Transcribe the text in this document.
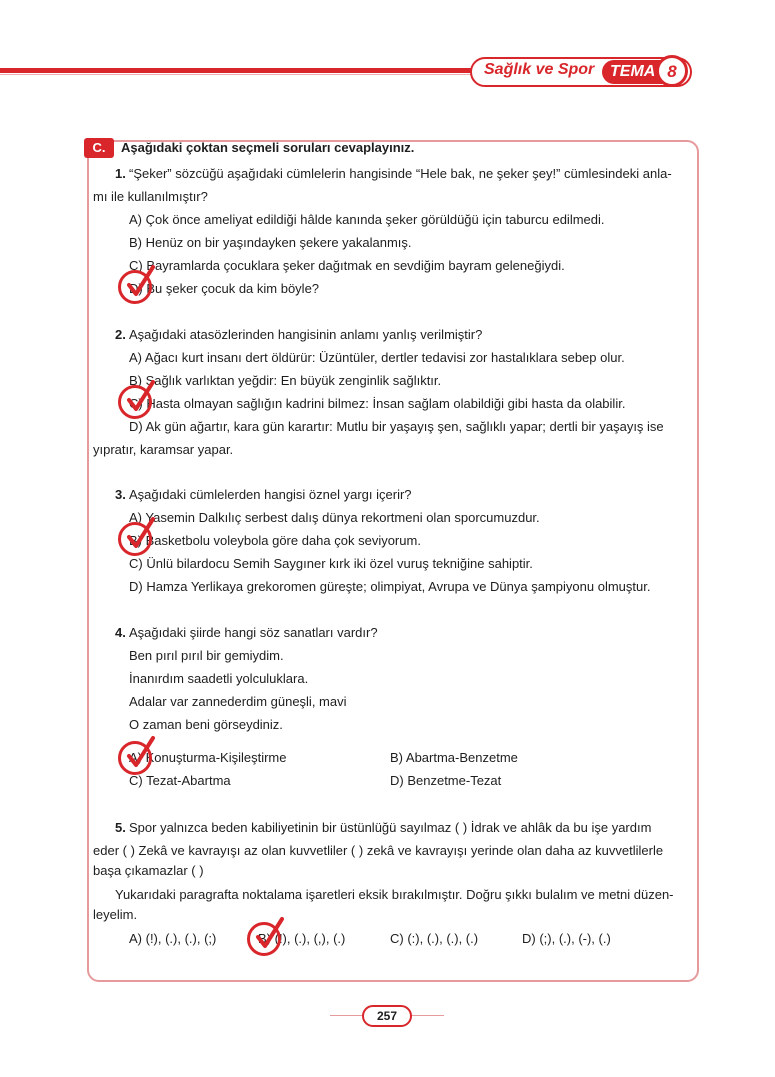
Sağlık ve Spor TEMA 8
C.	Aşağıdaki çoktan seçmeli soruları cevaplayınız.
1. “Şeker” sözcüğü aşağıdaki cümlelerin hangisinde “Hele bak, ne şeker şey!” cümlesindeki anla-
mı ile kullanılmıştır?
A) Çok önce ameliyat edildiği hâlde kanında şeker görüldüğü için taburcu edilmedi.
B) Henüz on bir yaşındayken şekere yakalanmış.
C) Bayramlarda çocuklara şeker dağıtmak en sevdiğim bayram geleneğiydi.
D) Bu şeker çocuk da kim böyle?
2. Aşağıdaki atasözlerinden hangisinin anlamı yanlış verilmiştir?
A) Ağacı kurt insanı dert öldürür: Üzüntüler, dertler tedavisi zor hastalıklara sebep olur.
B) Sağlık varlıktan yeğdir: En büyük zenginlik sağlıktır.
C) Hasta olmayan sağlığın kadrini bilmez: İnsan sağlam olabildiği gibi hasta da olabilir.
D) Ak gün ağartır, kara gün karartır: Mutlu bir yaşayış şen, sağlıklı yapar; dertli bir yaşayış ise
yıpratır, karamsar yapar.
3. Aşağıdaki cümlelerden hangisi öznel yargı içerir?
A) Yasemin Dalkılıç serbest dalış dünya rekortmeni olan sporcumuzdur.
B) Basketbolu voleybola göre daha çok seviyorum.
C) Ünlü bilardocu Semih Saygıner kırk iki özel vuruş tekniğine sahiptir.
D) Hamza Yerlikaya grekoromen güreşte; olimpiyat, Avrupa ve Dünya şampiyonu olmuştur.
4. Aşağıdaki şiirde hangi söz sanatları vardır?
Ben pırıl pırıl bir gemiydim.
İnanırdım saadetli yolculuklara.
Adalar var zannederdim güneşli, mavi
O zaman beni görseydiniz.
A) Konuşturma-Kişileştirme	B) Abartma-Benzetme
C) Tezat-Abartma	D) Benzetme-Tezat
5. Spor yalnızca beden kabiliyetinin bir üstünlüğü sayılmaz ( ) İdrak ve ahlâk da bu işe yardım
eder ( ) Zekâ ve kavrayışı az olan kuvvetliler ( ) zekâ ve kavrayışı yerinde olan daha az kuvvetlilerle
başa çıkamazlar ( )
Yukarıdaki paragrafta noktalama işaretleri eksik bırakılmıştır. Doğru şıkkı bulalım ve metni düzen-
leyelim.
A) (!), (.), (.), (;)	B) (!), (.), (,), (.)	C) (:), (.), (.), (.)	D) (;), (.), (-), (.)
257
